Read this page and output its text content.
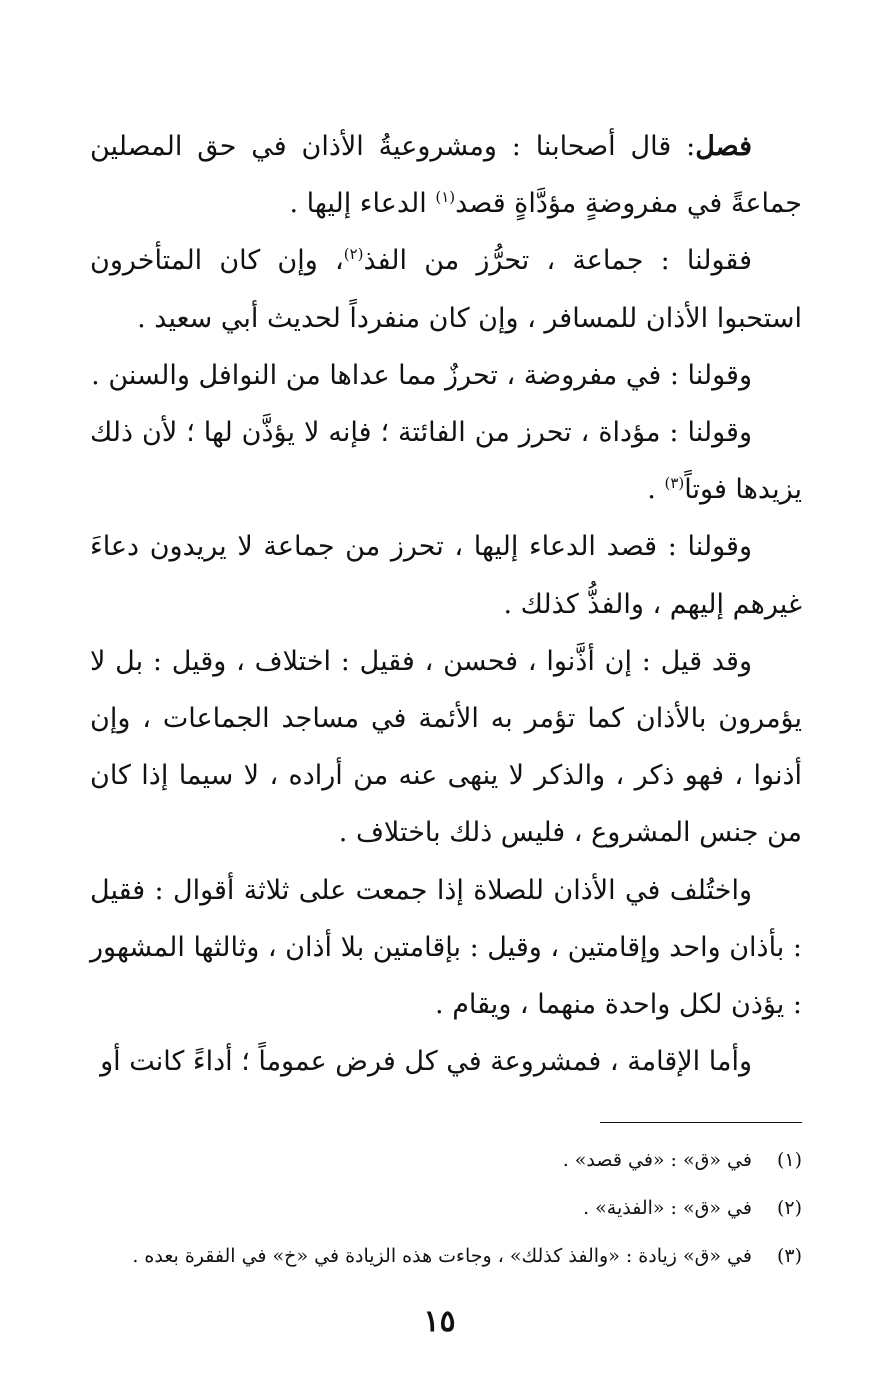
فصل: قال أصحابنا : ومشروعيةُ الأذان في حق المصلين جماعةً في مفروضةٍ مؤدَّاةٍ قصد$^{(١)}$ الدعاء إليها .

فقولنا : جماعة ، تحرُّز من الفذ$^{(٢)}$، وإن كان المتأخرون استحبوا الأذان للمسافر ، وإن كان منفرداً لحديث أبي سعيد .

وقولنا : في مفروضة ، تحرزٌ مما عداها من النوافل والسنن .

وقولنا : مؤداة ، تحرز من الفائتة ؛ فإنه لا يؤذَّن لها ؛ لأن ذلك يزيدها فوتاً$^{(٣)}$ .

وقولنا : قصد الدعاء إليها ، تحرز من جماعة لا يريدون دعاءَ غيرهم إليهم ، والفذُّ كذلك .

وقد قيل : إن أذَّنوا ، فحسن ، فقيل : اختلاف ، وقيل : بل لا يؤمرون بالأذان كما تؤمر به الأئمة في مساجد الجماعات ، وإن أذنوا ، فهو ذكر ، والذكر لا ينهى عنه من أراده ، لا سيما إذا كان من جنس المشروع ، فليس ذلك باختلاف .

واختُلف في الأذان للصلاة إذا جمعت على ثلاثة أقوال : فقيل : بأذان واحد وإقامتين ، وقيل : بإقامتين بلا أذان ، وثالثها المشهور : يؤذن لكل واحدة منهما ، ويقام .

وأما الإقامة ، فمشروعة في كل فرض عموماً ؛ أداءً كانت أو

(١) في «ق» : «في قصد» .
(٢) في «ق» : «الفذية» .
(٣) في «ق» زيادة : «والفذ كذلك» ، وجاءت هذه الزيادة في «خ» في الفقرة بعده .
١٥
